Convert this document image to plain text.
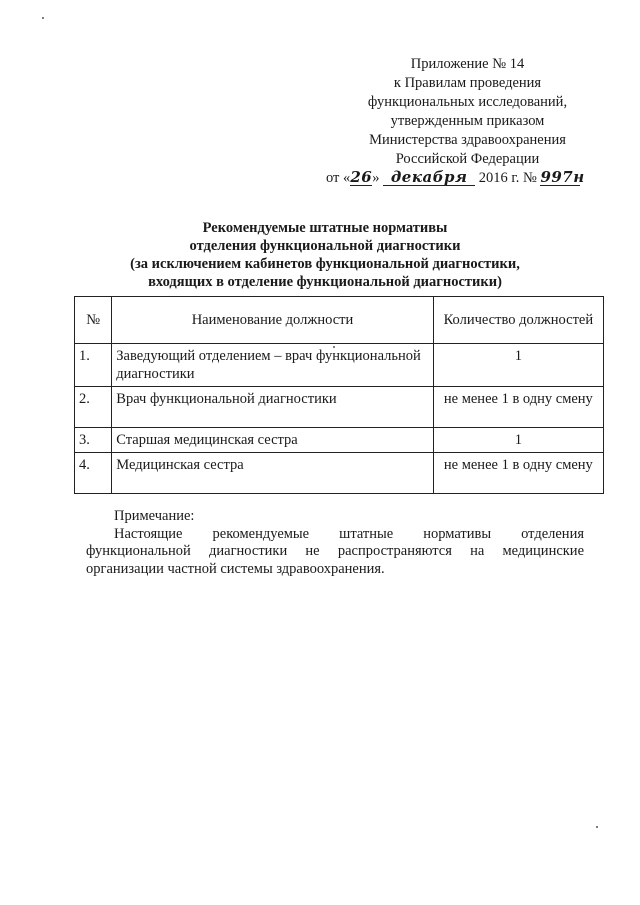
Приложение № 14
к Правилам проведения
функциональных исследований,
утвержденным приказом
Министерства здравоохранения
Российской Федерации
от «26» декабря 2016 г. № 997н
Рекомендуемые штатные нормативы
отделения функциональной диагностики
(за исключением кабинетов функциональной диагностики,
входящих в отделение функциональной диагностики)
№	Наименование должности	Количество должностей
1.	Заведующий отделением – врач функциональной диагностики	1
2.	Врач функциональной диагностики	не менее 1 в одну смену
3.	Старшая медицинская сестра	1
4.	Медицинская сестра	не менее 1 в одну смену
Примечание:

Настоящие рекомендуемые штатные нормативы отделения функциональной диагностики не распространяются на медицинские организации частной системы здравоохранения.
